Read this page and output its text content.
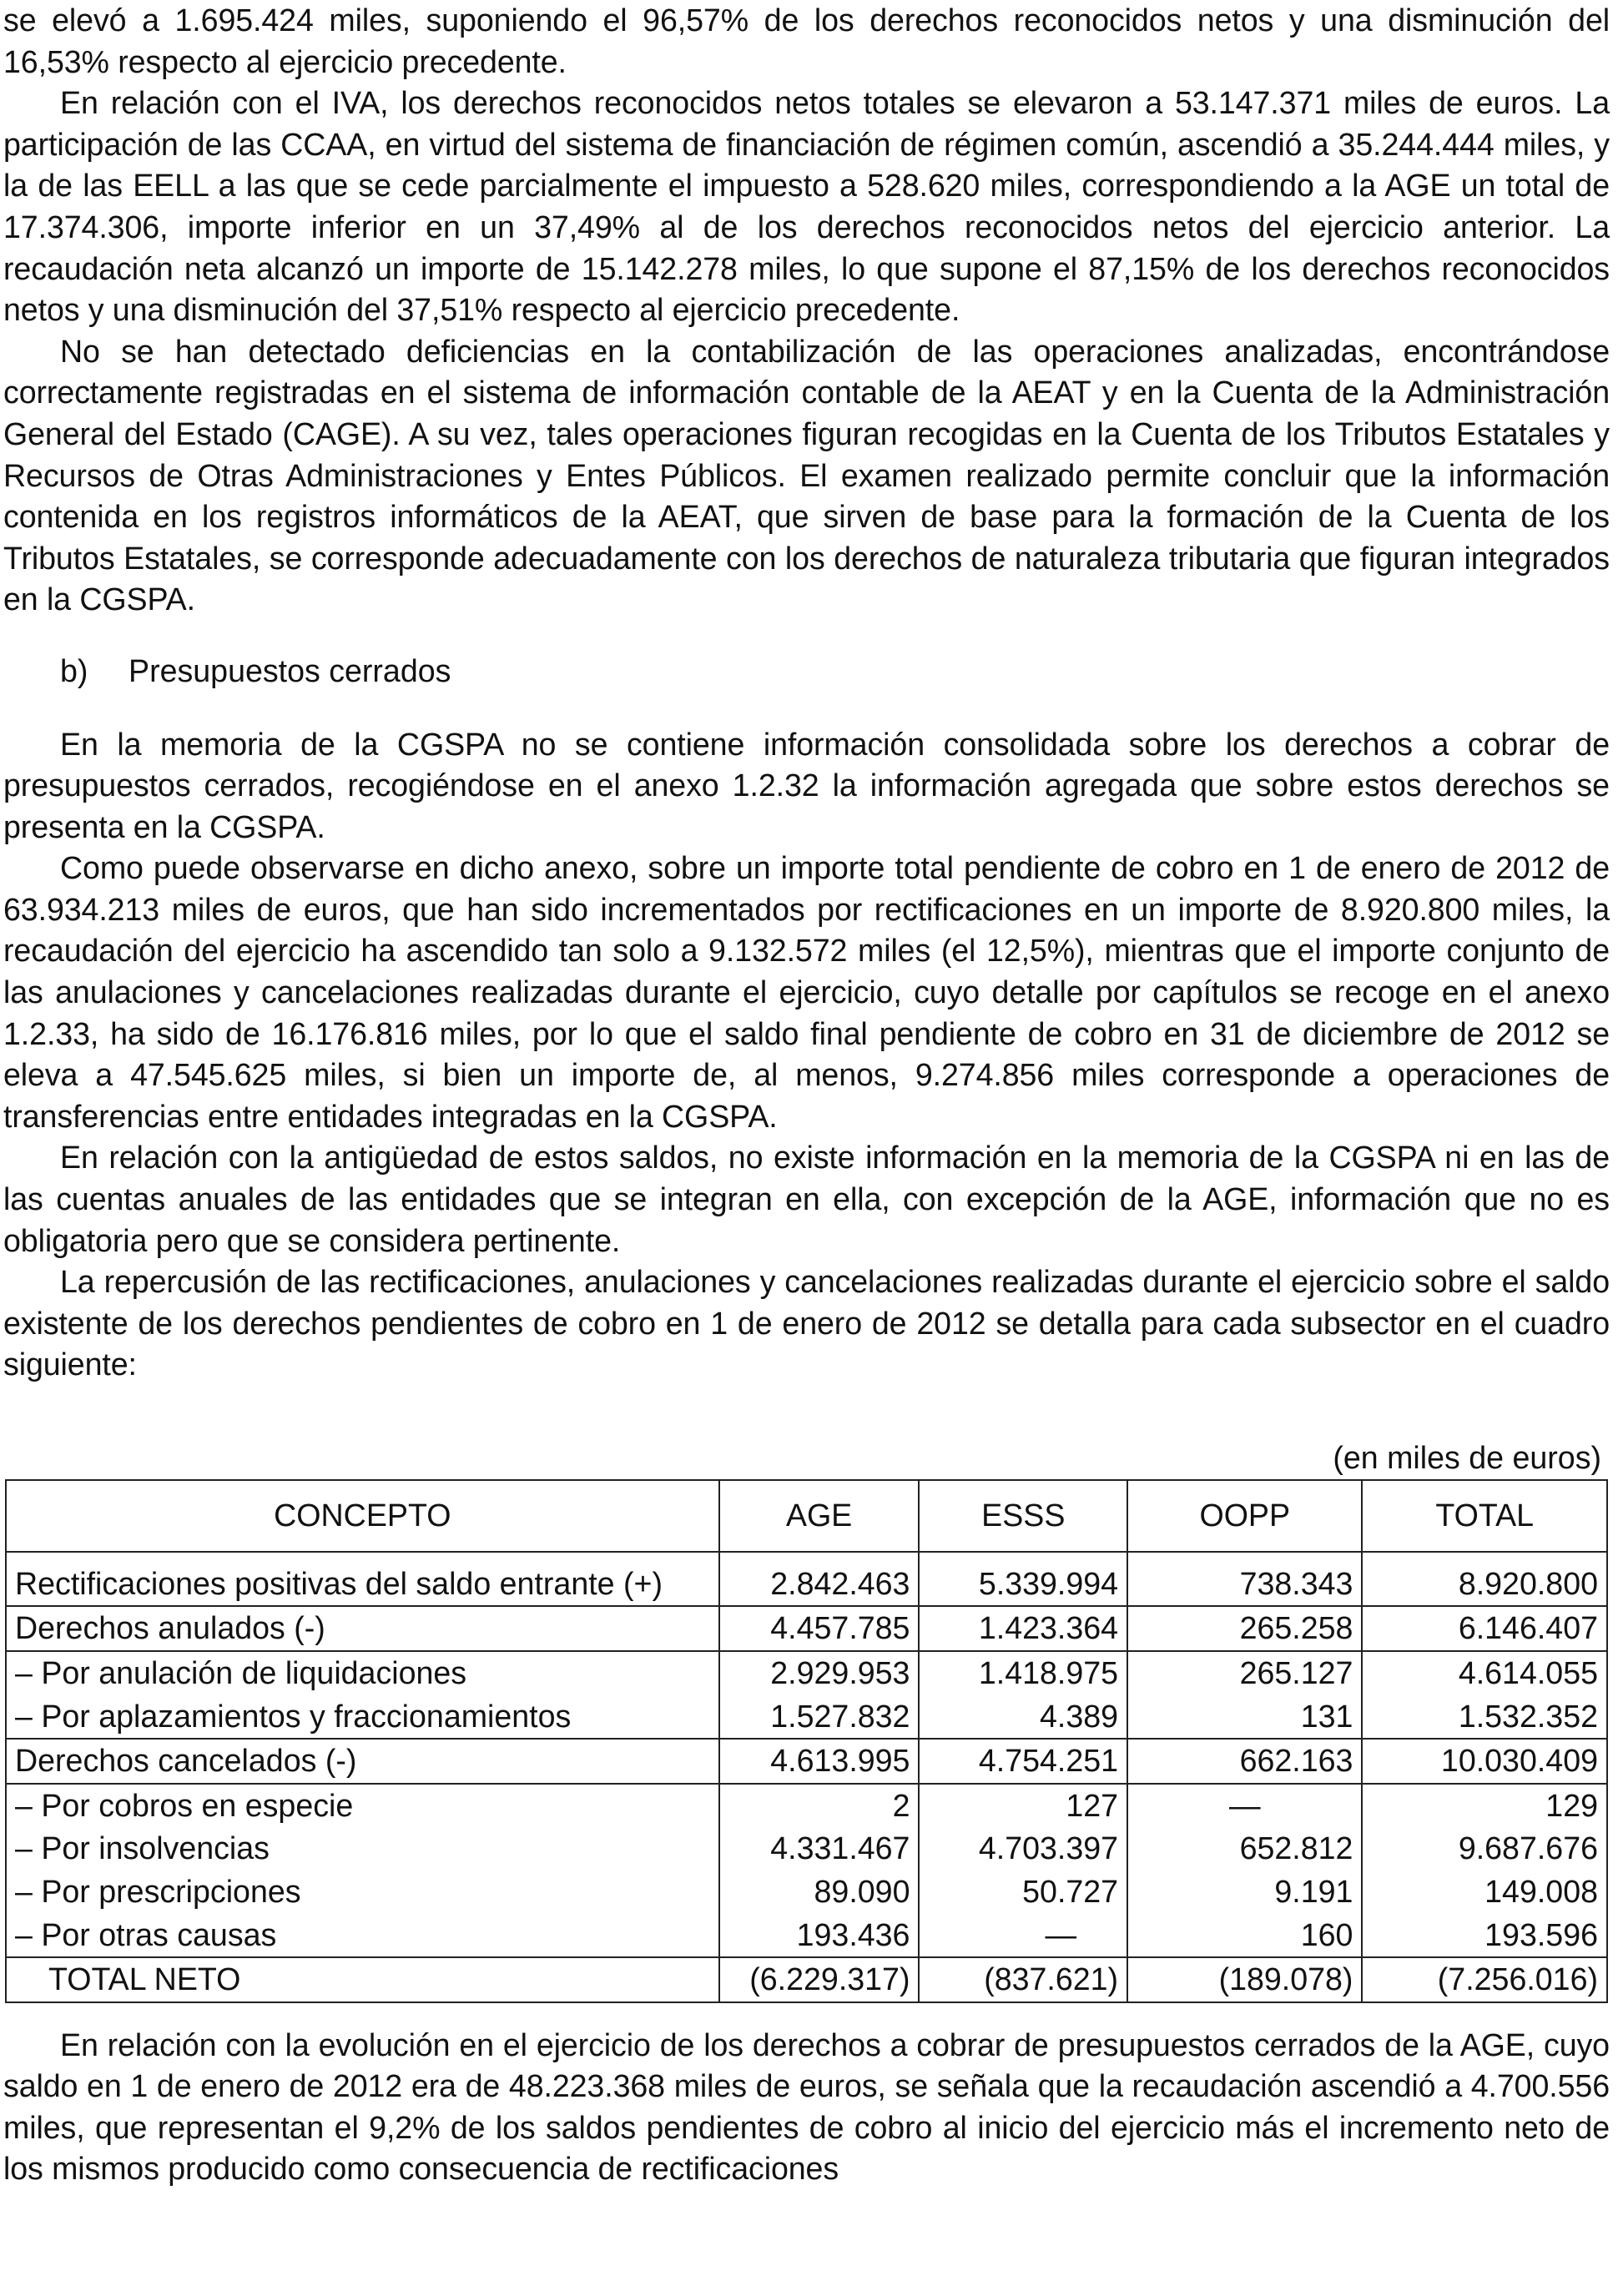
se elevó a 1.695.424 miles, suponiendo el 96,57% de los derechos reconocidos netos y una disminución del 16,53% respecto al ejercicio precedente.

En relación con el IVA, los derechos reconocidos netos totales se elevaron a 53.147.371 miles de euros. La participación de las CCAA, en virtud del sistema de financiación de régimen común, ascendió a 35.244.444 miles, y la de las EELL a las que se cede parcialmente el impuesto a 528.620 miles, correspondiendo a la AGE un total de 17.374.306, importe inferior en un 37,49% al de los derechos reconocidos netos del ejercicio anterior. La recaudación neta alcanzó un importe de 15.142.278 miles, lo que supone el 87,15% de los derechos reconocidos netos y una disminución del 37,51% respecto al ejercicio precedente.

No se han detectado deficiencias en la contabilización de las operaciones analizadas, encontrándose correctamente registradas en el sistema de información contable de la AEAT y en la Cuenta de la Administración General del Estado (CAGE). A su vez, tales operaciones figuran recogidas en la Cuenta de los Tributos Estatales y Recursos de Otras Administraciones y Entes Públicos. El examen realizado permite concluir que la información contenida en los registros informáticos de la AEAT, que sirven de base para la formación de la Cuenta de los Tributos Estatales, se corresponde adecuadamente con los derechos de naturaleza tributaria que figuran integrados en la CGSPA.

b) Presupuestos cerrados

En la memoria de la CGSPA no se contiene información consolidada sobre los derechos a cobrar de presupuestos cerrados, recogiéndose en el anexo 1.2.32 la información agregada que sobre estos derechos se presenta en la CGSPA.

Como puede observarse en dicho anexo, sobre un importe total pendiente de cobro en 1 de enero de 2012 de 63.934.213 miles de euros, que han sido incrementados por rectificaciones en un importe de 8.920.800 miles, la recaudación del ejercicio ha ascendido tan solo a 9.132.572 miles (el 12,5%), mientras que el importe conjunto de las anulaciones y cancelaciones realizadas durante el ejercicio, cuyo detalle por capítulos se recoge en el anexo 1.2.33, ha sido de 16.176.816 miles, por lo que el saldo final pendiente de cobro en 31 de diciembre de 2012 se eleva a 47.545.625 miles, si bien un importe de, al menos, 9.274.856 miles corresponde a operaciones de transferencias entre entidades integradas en la CGSPA.

En relación con la antigüedad de estos saldos, no existe información en la memoria de la CGSPA ni en las de las cuentas anuales de las entidades que se integran en ella, con excepción de la AGE, información que no es obligatoria pero que se considera pertinente.

La repercusión de las rectificaciones, anulaciones y cancelaciones realizadas durante el ejercicio sobre el saldo existente de los derechos pendientes de cobro en 1 de enero de 2012 se detalla para cada subsector en el cuadro siguiente:

(en miles de euros)

CONCEPTO	AGE	ESSS	OOPP	TOTAL
Rectificaciones positivas del saldo entrante (+)	2.842.463	5.339.994	738.343	8.920.800
Derechos anulados (-)	4.457.785	1.423.364	265.258	6.146.407
– Por anulación de liquidaciones	2.929.953	1.418.975	265.127	4.614.055
– Por aplazamientos y fraccionamientos	1.527.832	4.389	131	1.532.352
Derechos cancelados (-)	4.613.995	4.754.251	662.163	10.030.409
– Por cobros en especie	2	127	—	129
– Por insolvencias	4.331.467	4.703.397	652.812	9.687.676
– Por prescripciones	89.090	50.727	9.191	149.008
– Por otras causas	193.436	—	160	193.596
TOTAL NETO	(6.229.317)	(837.621)	(189.078)	(7.256.016)

En relación con la evolución en el ejercicio de los derechos a cobrar de presupuestos cerrados de la AGE, cuyo saldo en 1 de enero de 2012 era de 48.223.368 miles de euros, se señala que la recaudación ascendió a 4.700.556 miles, que representan el 9,2% de los saldos pendientes de cobro al inicio del ejercicio más el incremento neto de los mismos producido como consecuencia de rectificaciones
